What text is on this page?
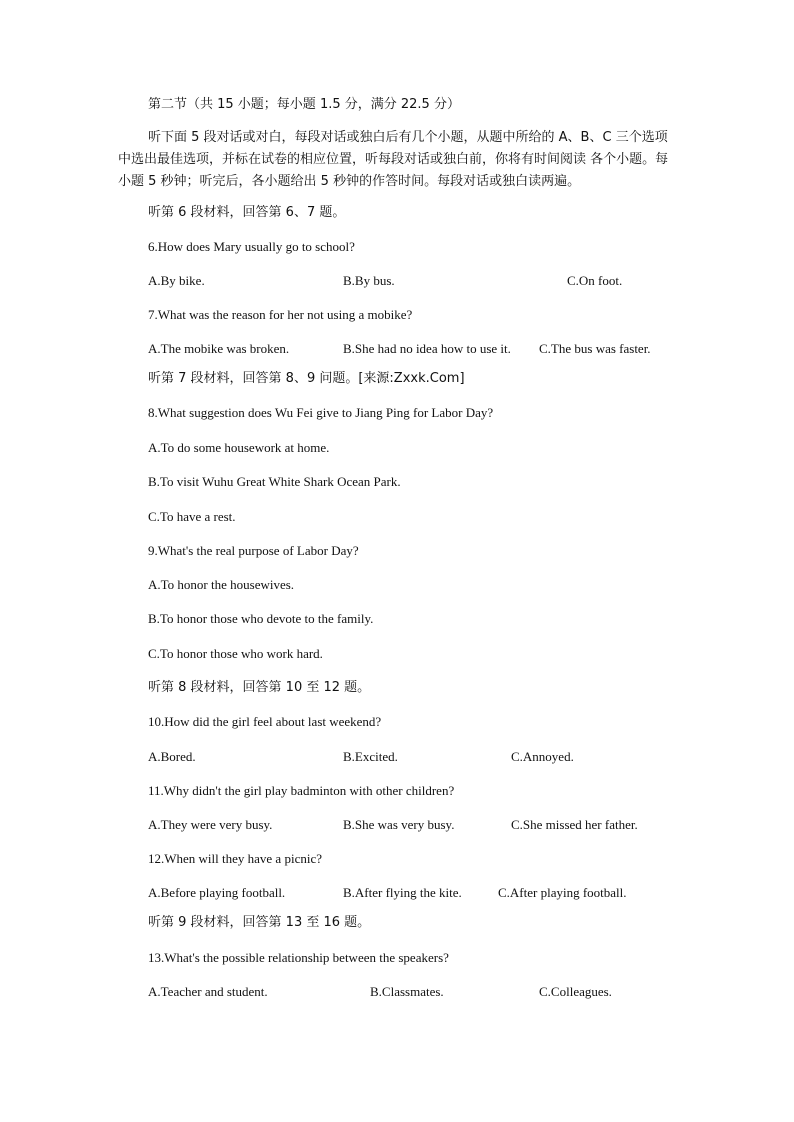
第二节（共 15 小题；每小题 1.5 分，满分 22.5 分）
听下面 5 段对话或对白，每段对话或独白后有几个小题，从题中所给的 A、B、C 三个选项中选出最佳选项，并标在试卷的相应位置，听每段对话或独白前，你将有时间阅读 各个小题。每小题 5 秒钟；听完后，各小题给出 5 秒钟的作答时间。每段对话或独白读两遍。
听第 6 段材料，回答第 6、7 题。
6.How does Mary usually go to school?
A.By bike.	B.By bus.	C.On foot.
7.What was the reason for her not using a mobike?
A.The mobike was broken.	B.She had no idea how to use it. C.The bus was faster.
听第 7 段材料，回答第 8、9 问题。[来源:Zxxk.Com]
8.What suggestion does Wu Fei give to Jiang Ping for Labor Day?
A.To do some housework at home.
B.To visit Wuhu Great White Shark Ocean Park.
C.To have a rest.
9.What's the real purpose of Labor Day?
A.To honor the housewives.
B.To honor those who devote to the family.
C.To honor those who work hard.
听第 8 段材料，回答第 10 至 12 题。
10.How did the girl feel about last weekend?
A.Bored.	B.Excited.	C.Annoyed.
11.Why didn't the girl play badminton with other children?
A.They were very busy.	B.She was very busy.	C.She missed her father.
12.When will they have a picnic?
A.Before playing football.	B.After flying the kite.	C.After playing football.
听第 9 段材料，回答第 13 至 16 题。
13.What's the possible relationship between the speakers?
A.Teacher and student.	B.Classmates.	C.Colleagues.
